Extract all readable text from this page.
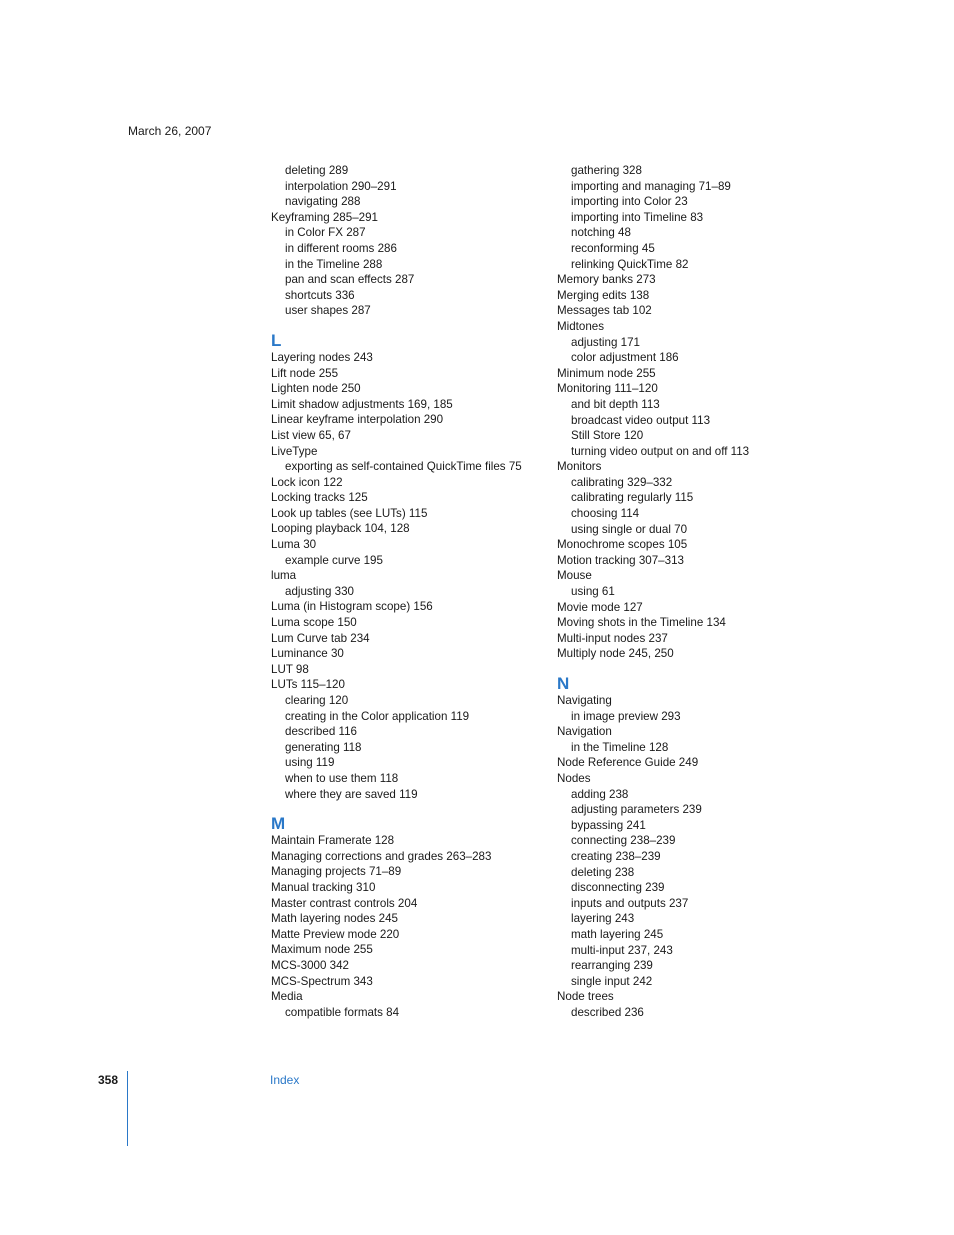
March 26, 2007
deleting 289
interpolation 290–291
navigating 288
Keyframing 285–291
in Color FX 287
in different rooms 286
in the Timeline 288
pan and scan effects 287
shortcuts 336
user shapes 287
L
Layering nodes 243
Lift node 255
Lighten node 250
Limit shadow adjustments 169, 185
Linear keyframe interpolation 290
List view 65, 67
LiveType
exporting as self-contained QuickTime files 75
Lock icon 122
Locking tracks 125
Look up tables (see LUTs) 115
Looping playback 104, 128
Luma 30
example curve 195
luma
adjusting 330
Luma (in Histogram scope) 156
Luma scope 150
Lum Curve tab 234
Luminance 30
LUT 98
LUTs 115–120
clearing 120
creating in the Color application 119
described 116
generating 118
using 119
when to use them 118
where they are saved 119
M
Maintain Framerate 128
Managing corrections and grades 263–283
Managing projects 71–89
Manual tracking 310
Master contrast controls 204
Math layering nodes 245
Matte Preview mode 220
Maximum node 255
MCS-3000 342
MCS-Spectrum 343
Media
compatible formats 84
gathering 328
importing and managing 71–89
importing into Color 23
importing into Timeline 83
notching 48
reconforming 45
relinking QuickTime 82
Memory banks 273
Merging edits 138
Messages tab 102
Midtones
adjusting 171
color adjustment 186
Minimum node 255
Monitoring 111–120
and bit depth 113
broadcast video output 113
Still Store 120
turning video output on and off 113
Monitors
calibrating 329–332
calibrating regularly 115
choosing 114
using single or dual 70
Monochrome scopes 105
Motion tracking 307–313
Mouse
using 61
Movie mode 127
Moving shots in the Timeline 134
Multi-input nodes 237
Multiply node 245, 250
N
Navigating
in image preview 293
Navigation
in the Timeline 128
Node Reference Guide 249
Nodes
adding 238
adjusting parameters 239
bypassing 241
connecting 238–239
creating 238–239
deleting 238
disconnecting 239
inputs and outputs 237
layering 243
math layering 245
multi-input 237, 243
rearranging 239
single input 242
Node trees
described 236
358	Index
